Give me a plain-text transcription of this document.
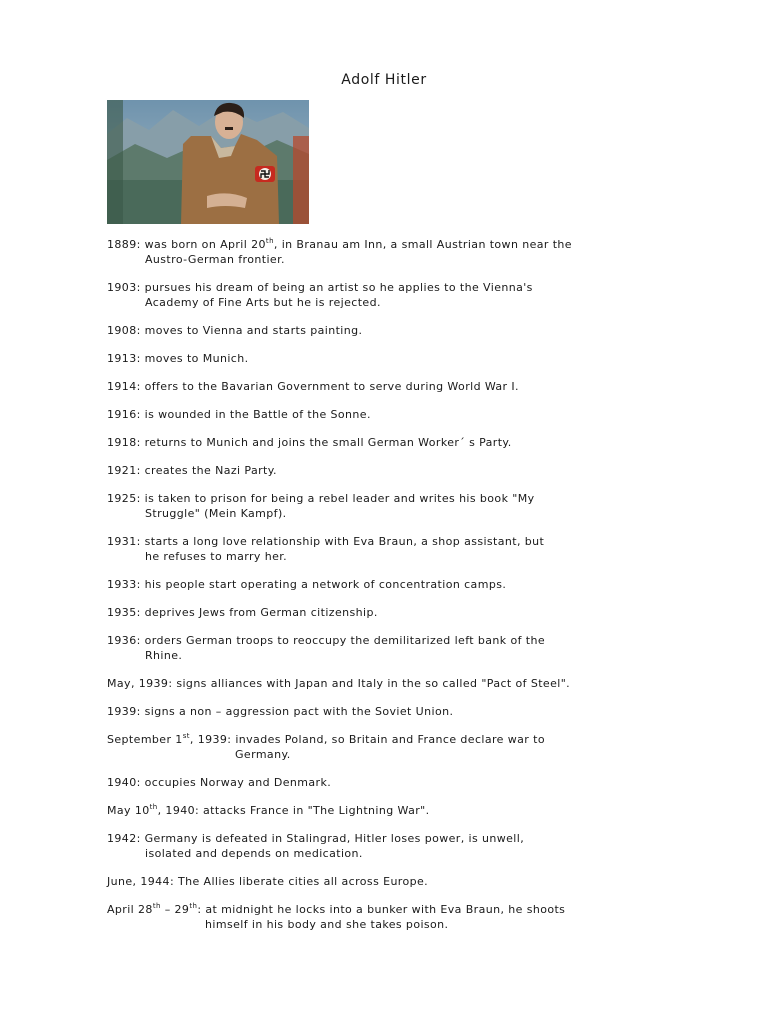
Adolf Hitler
1889: was born on April 20th, in Branau am Inn, a small Austrian town near the
Austro-German frontier.
1903: pursues his dream of being an artist so he applies to the Vienna's
Academy of Fine Arts but he is rejected.
1908: moves to Vienna and starts painting.
1913: moves to Munich.
1914: offers to the Bavarian Government to serve during World War I.
1916: is wounded in the Battle of the Sonne.
1918: returns to Munich and joins the small German Worker´ s Party.
1921: creates the Nazi Party.
1925: is taken to prison for being a rebel leader and writes his book "My
Struggle" (Mein Kampf).
1931: starts a long love relationship with Eva Braun, a shop assistant, but
he refuses to marry her.
1933: his people start operating a network of concentration camps.
1935: deprives Jews from German citizenship.
1936: orders German troops to reoccupy the demilitarized left bank of the
Rhine.
May, 1939: signs alliances with Japan and Italy in the so called "Pact of Steel".
1939: signs a non – aggression pact with the Soviet Union.
September 1st, 1939: invades Poland, so Britain and France declare war to
Germany.
1940: occupies Norway and Denmark.
May 10th, 1940: attacks France in "The Lightning War".
1942: Germany is defeated in Stalingrad, Hitler loses power, is unwell,
isolated and depends on medication.
June, 1944: The Allies liberate cities all across Europe.
April 28th – 29th: at midnight he locks into a bunker with Eva Braun, he shoots
himself in his body and she takes poison.
